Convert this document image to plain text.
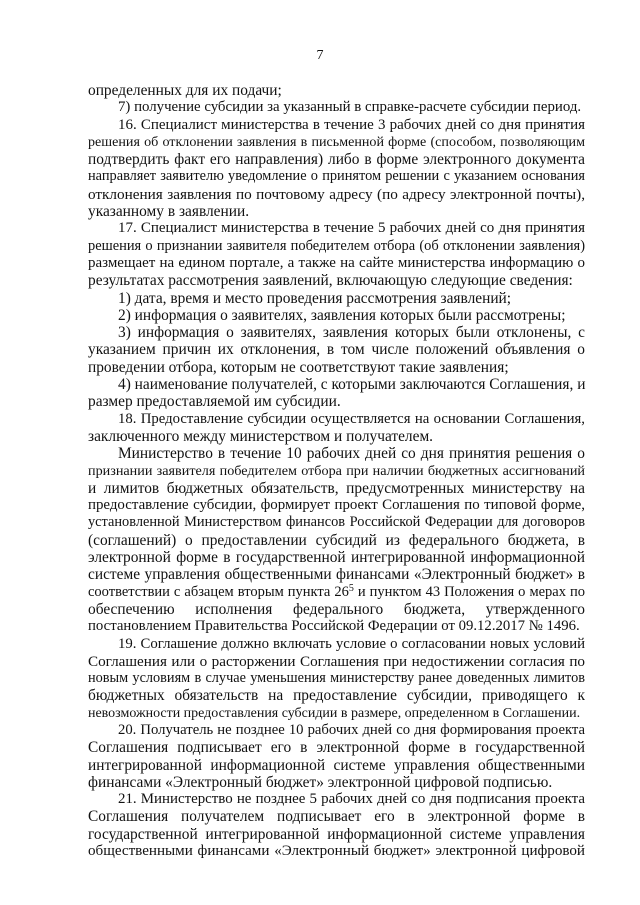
7
определенных для их подачи;
7) получение субсидии за указанный в справке-расчете субсидии период.
16. Специалист министерства в течение 3 рабочих дней со дня принятия
решения об отклонении заявления в письменной форме (способом, позволяющим
подтвердить факт его направления) либо в форме электронного документа
направляет заявителю уведомление о принятом решении с указанием основания
отклонения заявления по почтовому адресу (по адресу электронной почты),
указанному в заявлении.
17. Специалист министерства в течение 5 рабочих дней со дня принятия
решения о признании заявителя победителем отбора (об отклонении заявления)
размещает на едином портале, а также на сайте министерства информацию о
результатах рассмотрения заявлений, включающую следующие сведения:
1) дата, время и место проведения рассмотрения заявлений;
2) информация о заявителях, заявления которых были рассмотрены;
3) информация о заявителях, заявления которых были отклонены, с
указанием причин их отклонения, в том числе положений объявления о
проведении отбора, которым не соответствуют такие заявления;
4) наименование получателей, с которыми заключаются Соглашения, и
размер предоставляемой им субсидии.
18. Предоставление субсидии осуществляется на основании Соглашения,
заключенного между министерством и получателем.
Министерство в течение 10 рабочих дней со дня принятия решения о
признании заявителя победителем отбора при наличии бюджетных ассигнований
и лимитов бюджетных обязательств, предусмотренных министерству на
предоставление субсидии, формирует проект Соглашения по типовой форме,
установленной Министерством финансов Российской Федерации для договоров
(соглашений) о предоставлении субсидий из федерального бюджета, в
электронной форме в государственной интегрированной информационной
системе управления общественными финансами «Электронный бюджет» в
соответствии с абзацем вторым пункта $26^5$ и пунктом 43 Положения о мерах по
обеспечению исполнения федерального бюджета, утвержденного
постановлением Правительства Российской Федерации от 09.12.2017 № 1496.
19. Соглашение должно включать условие о согласовании новых условий
Соглашения или о расторжении Соглашения при недостижении согласия по
новым условиям в случае уменьшения министерству ранее доведенных лимитов
бюджетных обязательств на предоставление субсидии, приводящего к
невозможности предоставления субсидии в размере, определенном в Соглашении.
20. Получатель не позднее 10 рабочих дней со дня формирования проекта
Соглашения подписывает его в электронной форме в государственной
интегрированной информационной системе управления общественными
финансами «Электронный бюджет» электронной цифровой подписью.
21. Министерство не позднее 5 рабочих дней со дня подписания проекта
Соглашения получателем подписывает его в электронной форме в
государственной интегрированной информационной системе управления
общественными финансами «Электронный бюджет» электронной цифровой
